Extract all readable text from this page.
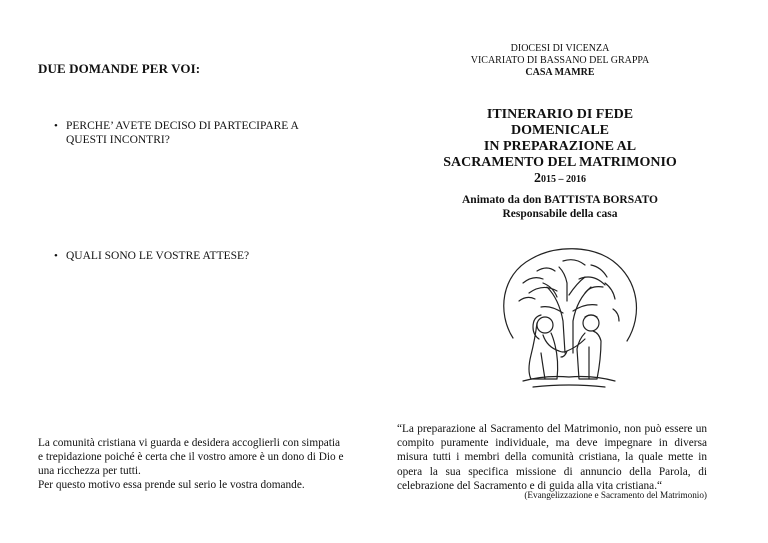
DUE DOMANDE PER VOI:
• PERCHE’ AVETE DECISO DI PARTECIPARE A
QUESTI INCONTRI?
• QUALI SONO LE VOSTRE ATTESE?

La comunità cristiana vi guarda e desidera accoglierli con simpatia

e trepidazione poiché è certa che il vostro amore è un dono di Dio e

una ricchezza per tutti.

Per questo motivo essa prende sul serio le vostra domande.

DIOCESI DI VICENZA
VICARIATO DI BASSANO DEL GRAPPA
CASA MAMRE
ITINERARIO DI FEDE
DOMENICALE
IN PREPARAZIONE AL
SACRAMENTO DEL MATRIMONIO
2015 – 2016
Animato da don BATTISTA BORSATO
Responsabile della casa
“La preparazione al Sacramento del Matrimonio, non può essere un compito puramente individuale, ma deve impegnare in diversa misura tutti i membri della comunità cristiana, la quale mette in opera la sua specifica missione di annuncio della Parola, di celebrazione del Sacramento e di guida alla vita cristiana.“
(Evangelizzazione e Sacramento del Matrimonio)
